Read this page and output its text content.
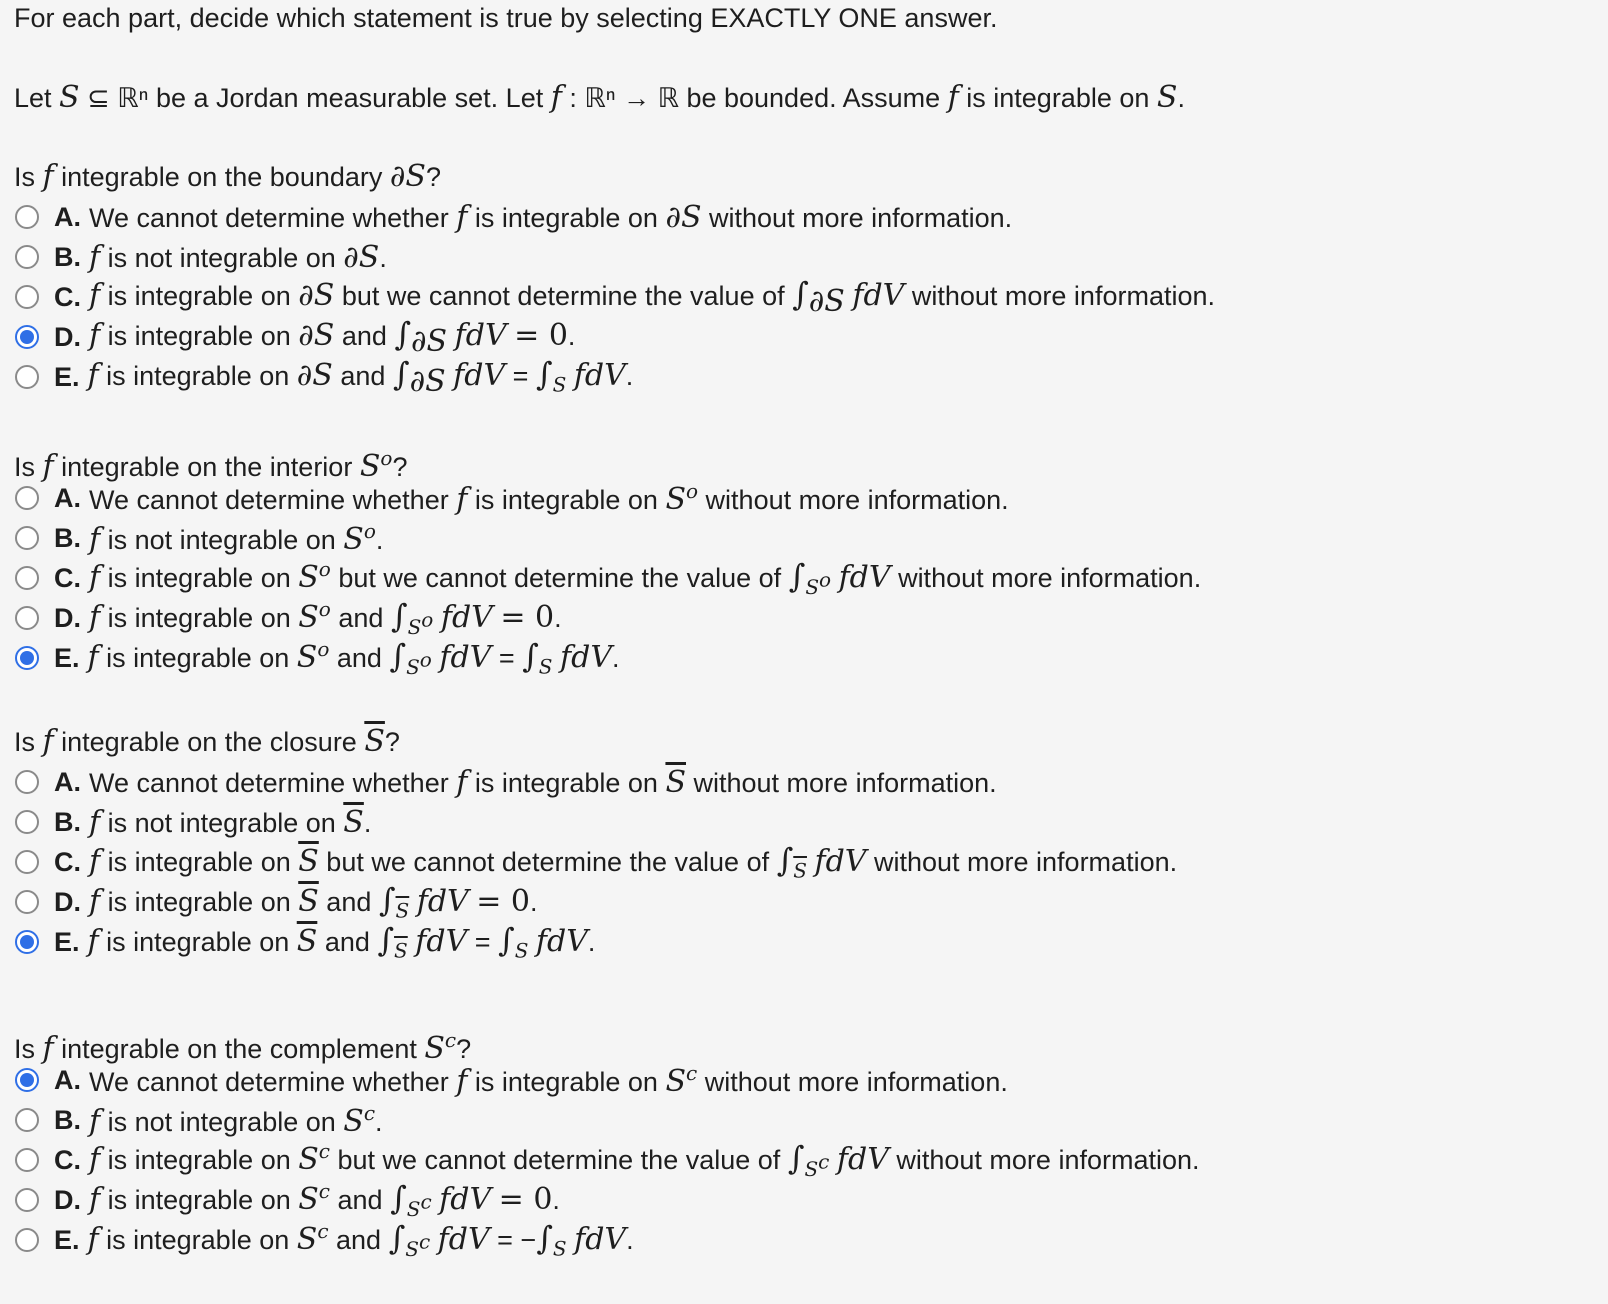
For each part, decide which statement is true by selecting EXACTLY ONE answer.
Let S ⊆ ℝⁿ be a Jordan measurable set. Let f : ℝⁿ → ℝ be bounded. Assume f is integrable on S.
Is f integrable on the boundary ∂S?
A. We cannot determine whether f is integrable on ∂S without more information.
B. f is not integrable on ∂S.
C. f is integrable on ∂S but we cannot determine the value of $\int_{\partial S}$ fdV without more information.
D. f is integrable on ∂S and $\int_{\partial S}$ fdV = 0.
E. f is integrable on ∂S and $\int_{\partial S}$ fdV = $\int_S$ fdV.
Is f integrable on the interior $S^o$?
A. We cannot determine whether f is integrable on $S^o$ without more information.
B. f is not integrable on $S^o$.
C. f is integrable on $S^o$ but we cannot determine the value of $\int_{S^o}$ fdV without more information.
D. f is integrable on $S^o$ and $\int_{S^o}$ fdV = 0.
E. f is integrable on $S^o$ and $\int_{S^o}$ fdV = $\int_S$ fdV.
Is f integrable on the closure $\overline{S}$?
A. We cannot determine whether f is integrable on $\overline{S}$ without more information.
B. f is not integrable on $\overline{S}$.
C. f is integrable on $\overline{S}$ but we cannot determine the value of $\int_{\overline{S}}$ fdV without more information.
D. f is integrable on $\overline{S}$ and $\int_{\overline{S}}$ fdV = 0.
E. f is integrable on $\overline{S}$ and $\int_{\overline{S}}$ fdV = $\int_S$ fdV.
Is f integrable on the complement $S^c$?
A. We cannot determine whether f is integrable on $S^c$ without more information.
B. f is not integrable on $S^c$.
C. f is integrable on $S^c$ but we cannot determine the value of $\int_{S^c}$ fdV without more information.
D. f is integrable on $S^c$ and $\int_{S^c}$ fdV = 0.
E. f is integrable on $S^c$ and $\int_{S^c}$ fdV = $-\int_S$ fdV.
